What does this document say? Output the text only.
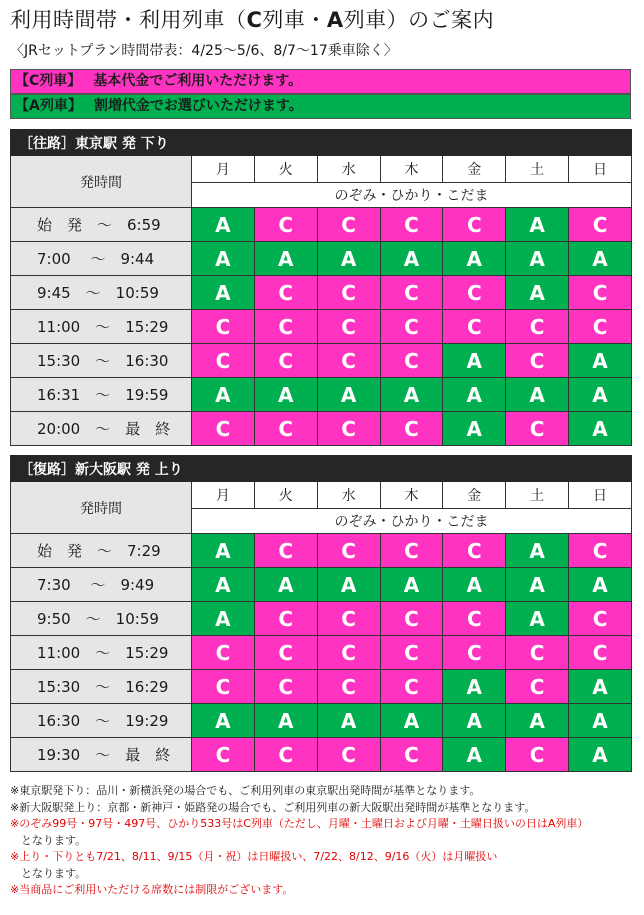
利用時間帯・利用列車（C列車・A列車）のご案内
〈JRセットプラン時間帯表：4/25～5/6、8/7～17乗車除く〉
【C列車】 基本代金でご利用いただけます。
【A列車】 割増代金でお選びいただけます。
［往路］東京駅 発 下り							
発時間	月	火	水	木	金	土	日
	のぞみ・ひかり・こだま						
始　発　～　6:59	A	C	C	C	C	A	C
7:00　 ～　9:44	A	A	A	A	A	A	A
9:45　～　10:59	A	C	C	C	C	A	C
11:00　～　15:29	C	C	C	C	C	C	C
15:30　～　16:30	C	C	C	C	A	C	A
16:31　～　19:59	A	A	A	A	A	A	A
20:00　～　最　終	C	C	C	C	A	C	A
［復路］新大阪駅 発 上り							
発時間	月	火	水	木	金	土	日
	のぞみ・ひかり・こだま						
始　発　～　7:29	A	C	C	C	C	A	C
7:30　 ～　9:49	A	A	A	A	A	A	A
9:50　～　10:59	A	C	C	C	C	A	C
11:00　～　15:29	C	C	C	C	C	C	C
15:30　～　16:29	C	C	C	C	A	C	A
16:30　～　19:29	A	A	A	A	A	A	A
19:30　～　最　終	C	C	C	C	A	C	A
※東京駅発下り：品川・新横浜発の場合でも、ご利用列車の東京駅出発時間が基準となります。
※新大阪駅発上り：京都・新神戸・姫路発の場合でも、ご利用列車の新大阪駅出発時間が基準となります。
※のぞみ99号・97号・497号、ひかり533号はC列車（ただし、月曜・土曜日および月曜・土曜日扱いの日はA列車）
　となります。
※上り・下りとも7/21、8/11、9/15（月・祝）は日曜扱い、7/22、8/12、9/16（火）は月曜扱い
　となります。
※当商品にご利用いただける席数には制限がございます。
